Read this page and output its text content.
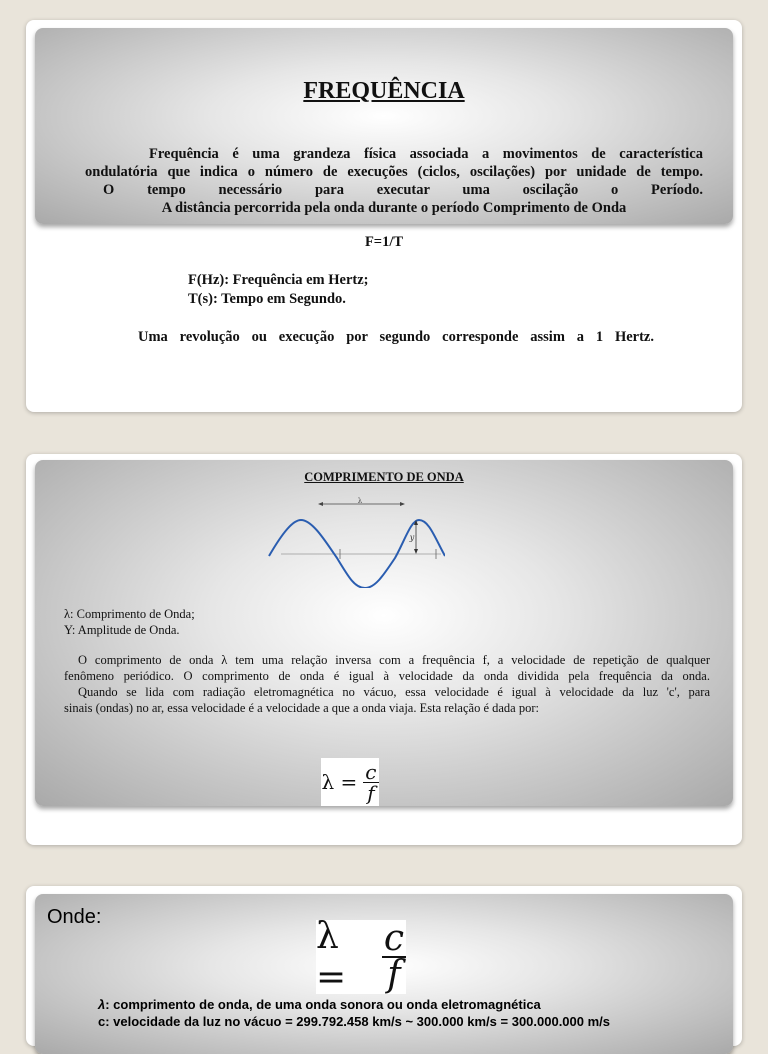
FREQUÊNCIA
Frequência é uma grandeza física associada a movimentos de característica
ondulatória que indica o número de execuções (ciclos, oscilações) por unidade de tempo.
O tempo necessário para executar uma oscilação o Período.
A distância percorrida pela onda durante o período Comprimento de Onda
F=1/T
F(Hz): Frequência em Hertz;
T(s): Tempo em Segundo.
Uma revolução ou execução por segundo corresponde assim a 1 Hertz.
COMPRIMENTO DE ONDA
λ
y
λ: Comprimento de Onda;
Y: Amplitude de Onda.
O comprimento de onda λ tem uma relação inversa com a frequência f, a velocidade de repetição de qualquer
fenômeno periódico. O comprimento de onda é igual à velocidade da onda dividida pela frequência da onda.
Quando se lida com radiação eletromagnética no vácuo, essa velocidade é igual à velocidade da luz 'c', para
sinais (ondas) no ar, essa velocidade é a velocidade a que a onda viaja. Esta relação é dada por:
$\lambda = \frac{c}{f}$
Onde:	$\lambda = \frac{c}{f}$
λ: comprimento de onda, de uma onda sonora ou onda eletromagnética
c: velocidade da luz no vácuo = 299.792.458 km/s ~ 300.000 km/s = 300.000.000 m/s
